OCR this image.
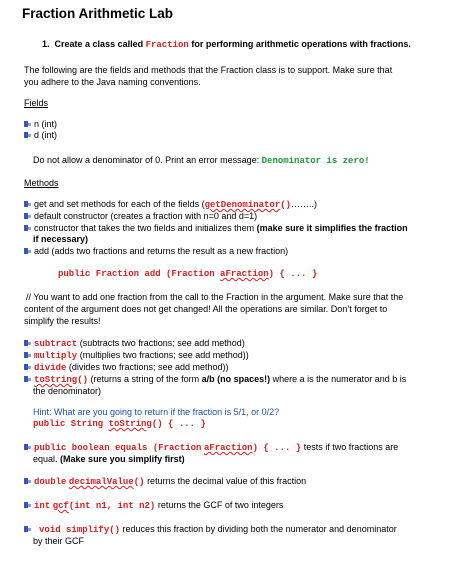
Fraction Arithmetic Lab
1. Create a class called Fraction for performing arithmetic operations with fractions.
The following are the fields and methods that the Fraction class is to support. Make sure that
you adhere to the Java naming conventions.
Fields
n (int)
d (int)
Do not allow a denominator of 0. Print an error message: Denominator is zero!
Methods
get and set methods for each of the fields (getDenominator()……..)
default constructor (creates a fraction with n=0 and d=1)
constructor that takes the two fields and initializes them (make sure it simplifies the fraction
if necessary)
add (adds two fractions and returns the result as a new fraction)
public Fraction add (Fraction aFraction) { ... }
// You want to add one fraction from the call to the Fraction in the argument. Make sure that the
content of the argument does not get changed! All the operations are similar. Don’t forget to
simplify the results!
subtract (subtracts two fractions; see add method)
multiply (multiplies two fractions; see add method))
divide (divides two fractions; see add method))
toString() (returns a string of the form a/b (no spaces!) where a is the numerator and b is
the denominator)
Hint: What are you going to return if the fraction is 5/1, or 0/2?
public String toString() { ... }
public boolean equals (Fraction aFraction) { ... } tests if two fractions are
equal. (Make sure you simplify first)
double decimalValue() returns the decimal value of this fraction
int gcf(int n1, int n2) returns the GCF of two integers
void simplify() reduces this fraction by dividing both the numerator and denominator
by their GCF
